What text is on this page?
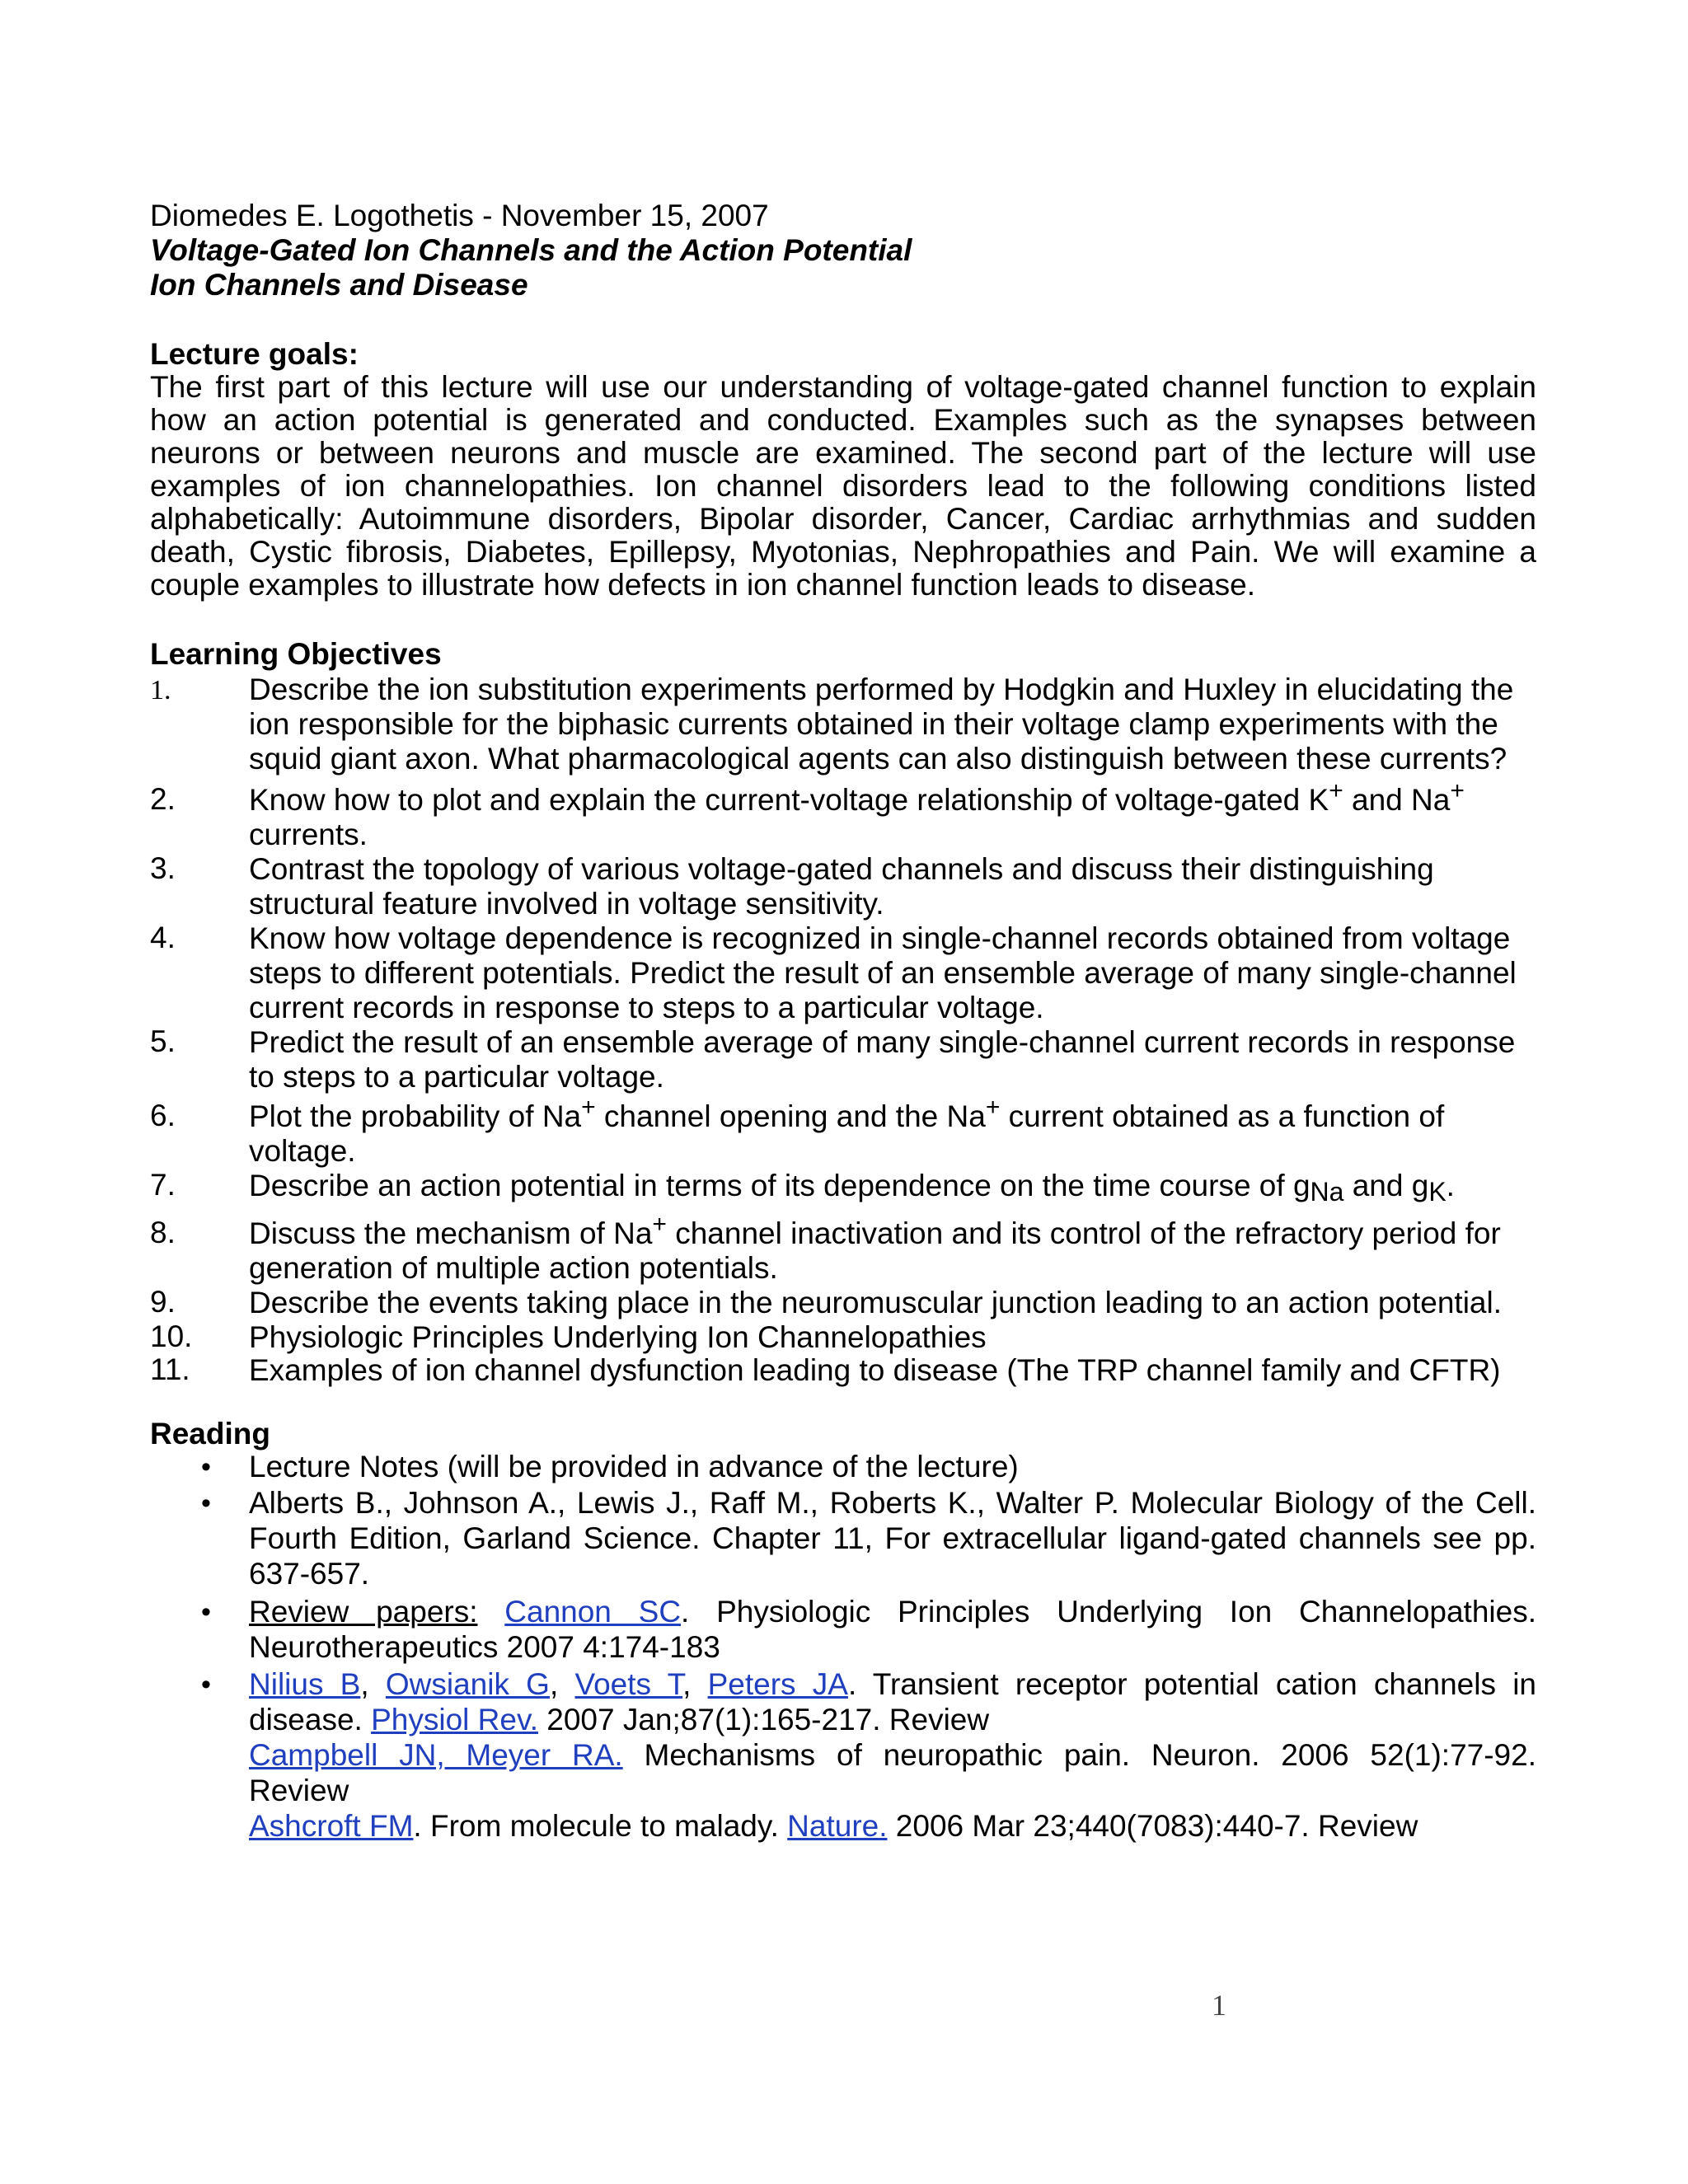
Diomedes E. Logothetis - November 15, 2007
Voltage-Gated Ion Channels and the Action Potential
Ion Channels and Disease
Lecture goals:

The first part of this lecture will use our understanding of voltage-gated channel function to explain

how an action potential is generated and conducted. Examples such as the synapses between

neurons or between neurons and muscle are examined. The second part of the lecture will use

examples of ion channelopathies. Ion channel disorders lead to the following conditions listed

alphabetically: Autoimmune disorders, Bipolar disorder, Cancer, Cardiac arrhythmias and sudden

death, Cystic fibrosis, Diabetes, Epillepsy, Myotonias, Nephropathies and Pain. We will examine a

couple examples to illustrate how defects in ion channel function leads to disease.

Learning Objectives
1.	Describe the ion substitution experiments performed by Hodgkin and Huxley in elucidating the
ion responsible for the biphasic currents obtained in their voltage clamp experiments with the
squid giant axon. What pharmacological agents can also distinguish between these currents?
2. Know how to plot and explain the current-voltage relationship of voltage-gated K+ and Na+
currents.
3. Contrast the topology of various voltage-gated channels and discuss their distinguishing
structural feature involved in voltage sensitivity.
4. Know how voltage dependence is recognized in single-channel records obtained from voltage
steps to different potentials. Predict the result of an ensemble average of many single-channel
current records in response to steps to a particular voltage.
5. Predict the result of an ensemble average of many single-channel current records in response
to steps to a particular voltage.
6. Plot the probability of Na+ channel opening and the Na+ current obtained as a function of
voltage.
7. Describe an action potential in terms of its dependence on the time course of $g_{Na}$ and $g_K$.
8. Discuss the mechanism of Na+ channel inactivation and its control of the refractory period for
generation of multiple action potentials.
9. Describe the events taking place in the neuromuscular junction leading to an action potential.
10. Physiologic Principles Underlying Ion Channelopathies
11. Examples of ion channel dysfunction leading to disease (The TRP channel family and CFTR)
Reading
• Lecture Notes (will be provided in advance of the lecture)

• Alberts B., Johnson A., Lewis J., Raff M., Roberts K., Walter P. Molecular Biology of the Cell.

Fourth Edition, Garland Science. Chapter 11, For extracellular ligand-gated channels see pp.

637-657.

• Review papers: Cannon SC. Physiologic Principles Underlying Ion Channelopathies.

Neurotherapeutics 2007 4:174-183

• Nilius B, Owsianik G, Voets T, Peters JA. Transient receptor potential cation channels in

disease. Physiol Rev. 2007 Jan;87(1):165-217. Review

Campbell JN, Meyer RA. Mechanisms of neuropathic pain. Neuron. 2006 52(1):77-92.

Review

Ashcroft FM. From molecule to malady. Nature. 2006 Mar 23;440(7083):440-7. Review

1
